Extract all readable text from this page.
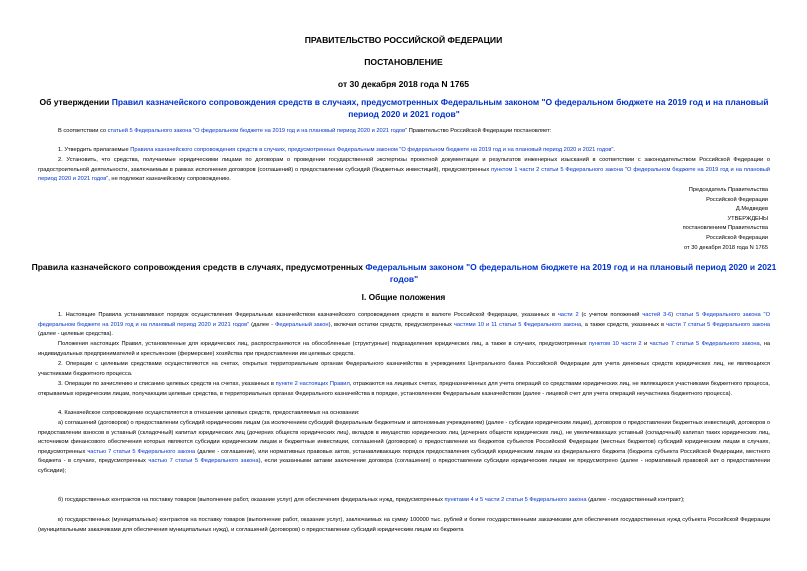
ПРАВИТЕЛЬСТВО РОССИЙСКОЙ ФЕДЕРАЦИИ

ПОСТАНОВЛЕНИЕ

от 30 декабря 2018 года N 1765

Об утверждении Правил казначейского сопровождения средств в случаях, предусмотренных Федеральным законом "О федеральном бюджете на 2019 год и на плановый период 2020 и 2021 годов"

В соответствии со статьей 5 Федерального закона "О федеральном бюджете на 2019 год и на плановый период 2020 и 2021 годов" Правительство Российской Федерации постановляет:

1. Утвердить прилагаемые Правила казначейского сопровождения средств в случаях, предусмотренных Федеральным законом "О федеральном бюджете на 2019 год и на плановый период 2020 и 2021 годов".

2. Установить, что средства, получаемые юридическими лицами по договорам о проведении государственной экспертизы проектной документации и результатов инженерных изысканий в соответствии с законодательством Российской Федерации о градостроительной деятельности, заключаемым в рамках исполнения договоров (соглашений) о предоставлении субсидий (бюджетных инвестиций), предусмотренных пунктом 1 части 2 статьи 5 Федерального закона "О федеральном бюджете на 2019 год и на плановый период 2020 и 2021 годов", не подлежат казначейскому сопровождению.

Председатель Правительства
Российской Федерации
Д.Медведев
УТВЕРЖДЕНЫ
постановлением Правительства
Российской Федерации
от 30 декабря 2018 года N 1765

Правила казначейского сопровождения средств в случаях, предусмотренных Федеральным законом "О федеральном бюджете на 2019 год и на плановый период 2020 и 2021 годов"

I. Общие положения

1. Настоящие Правила устанавливают порядок осуществления Федеральным казначейством казначейского сопровождения средств в валюте Российской Федерации, указанных в части 2 (с учетом положений частей 3-6) статьи 5 Федерального закона "О федеральном бюджете на 2019 год и на плановый период 2020 и 2021 годов" (далее - Федеральный закон), включая остатки средств, предусмотренных частями 10 и 11 статьи 5 Федерального закона, а также средств, указанных в части 7 статьи 5 Федерального закона (далее - целевые средства).

Положения настоящих Правил, установленные для юридических лиц, распространяются на обособленные (структурные) подразделения юридических лиц, а также в случаях, предусмотренных пунктом 10 части 2 и частью 7 статьи 5 Федерального закона, на индивидуальных предпринимателей и крестьянские (фермерские) хозяйства при предоставлении им целевых средств.

2. Операции с целевыми средствами осуществляются на счетах, открытых территориальным органам Федерального казначейства в учреждениях Центрального банка Российской Федерации для учета денежных средств юридических лиц, не являющихся участниками бюджетного процесса.

3. Операции по зачислению и списанию целевых средств на счетах, указанных в пункте 2 настоящих Правил, отражаются на лицевых счетах, предназначенных для учета операций со средствами юридических лиц, не являющихся участниками бюджетного процесса, открываемых юридическим лицам, получающим целевые средства, в территориальных органах Федерального казначейства в порядке, установленном Федеральным казначейством (далее - лицевой счет для учета операций неучастника бюджетного процесса).

4. Казначейское сопровождение осуществляется в отношении целевых средств, предоставляемых на основании:

а) соглашений (договоров) о предоставлении субсидий юридическим лицам (за исключением субсидий федеральным бюджетным и автономным учреждениям) (далее - субсидии юридическим лицам), договоров о предоставлении бюджетных инвестиций, договоров о предоставлении взносов в уставный (складочный) капитал юридических лиц (дочерних обществ юридических лиц), вкладов в имущество юридических лиц (дочерних обществ юридических лиц), не увеличивающих уставный (складочный) капитал таких юридических лиц, источником финансового обеспечения которых являются субсидии юридическим лицам и бюджетные инвестиции, соглашений (договоров) о предоставлении из бюджетов субъектов Российской Федерации (местных бюджетов) субсидий юридическим лицам в случаях, предусмотренных частью 7 статьи 5 Федерального закона (далее - соглашение), или нормативных правовых актов, устанавливающих порядок предоставления субсидий юридическим лицам из федерального бюджета (бюджета субъекта Российской Федерации, местного бюджета - в случаях, предусмотренных частью 7 статьи 5 Федерального закона), если указанными актами заключение договора (соглашения) о предоставлении субсидии юридическим лицам не предусмотрено (далее - нормативный правовой акт о предоставлении субсидии);

б) государственных контрактов на поставку товаров (выполнение работ, оказание услуг) для обеспечения федеральных нужд, предусмотренных пунктами 4 и 5 части 2 статьи 5 Федерального закона (далее - государственный контракт);

в) государственных (муниципальных) контрактов на поставку товаров (выполнение работ, оказание услуг), заключаемых на сумму 100000 тыс. рублей и более государственными заказчиками для обеспечения государственных нужд субъекта Российской Федерации (муниципальными заказчиками для обеспечения муниципальных нужд), и соглашений (договоров) о предоставлении субсидий юридическим лицам из бюджета
